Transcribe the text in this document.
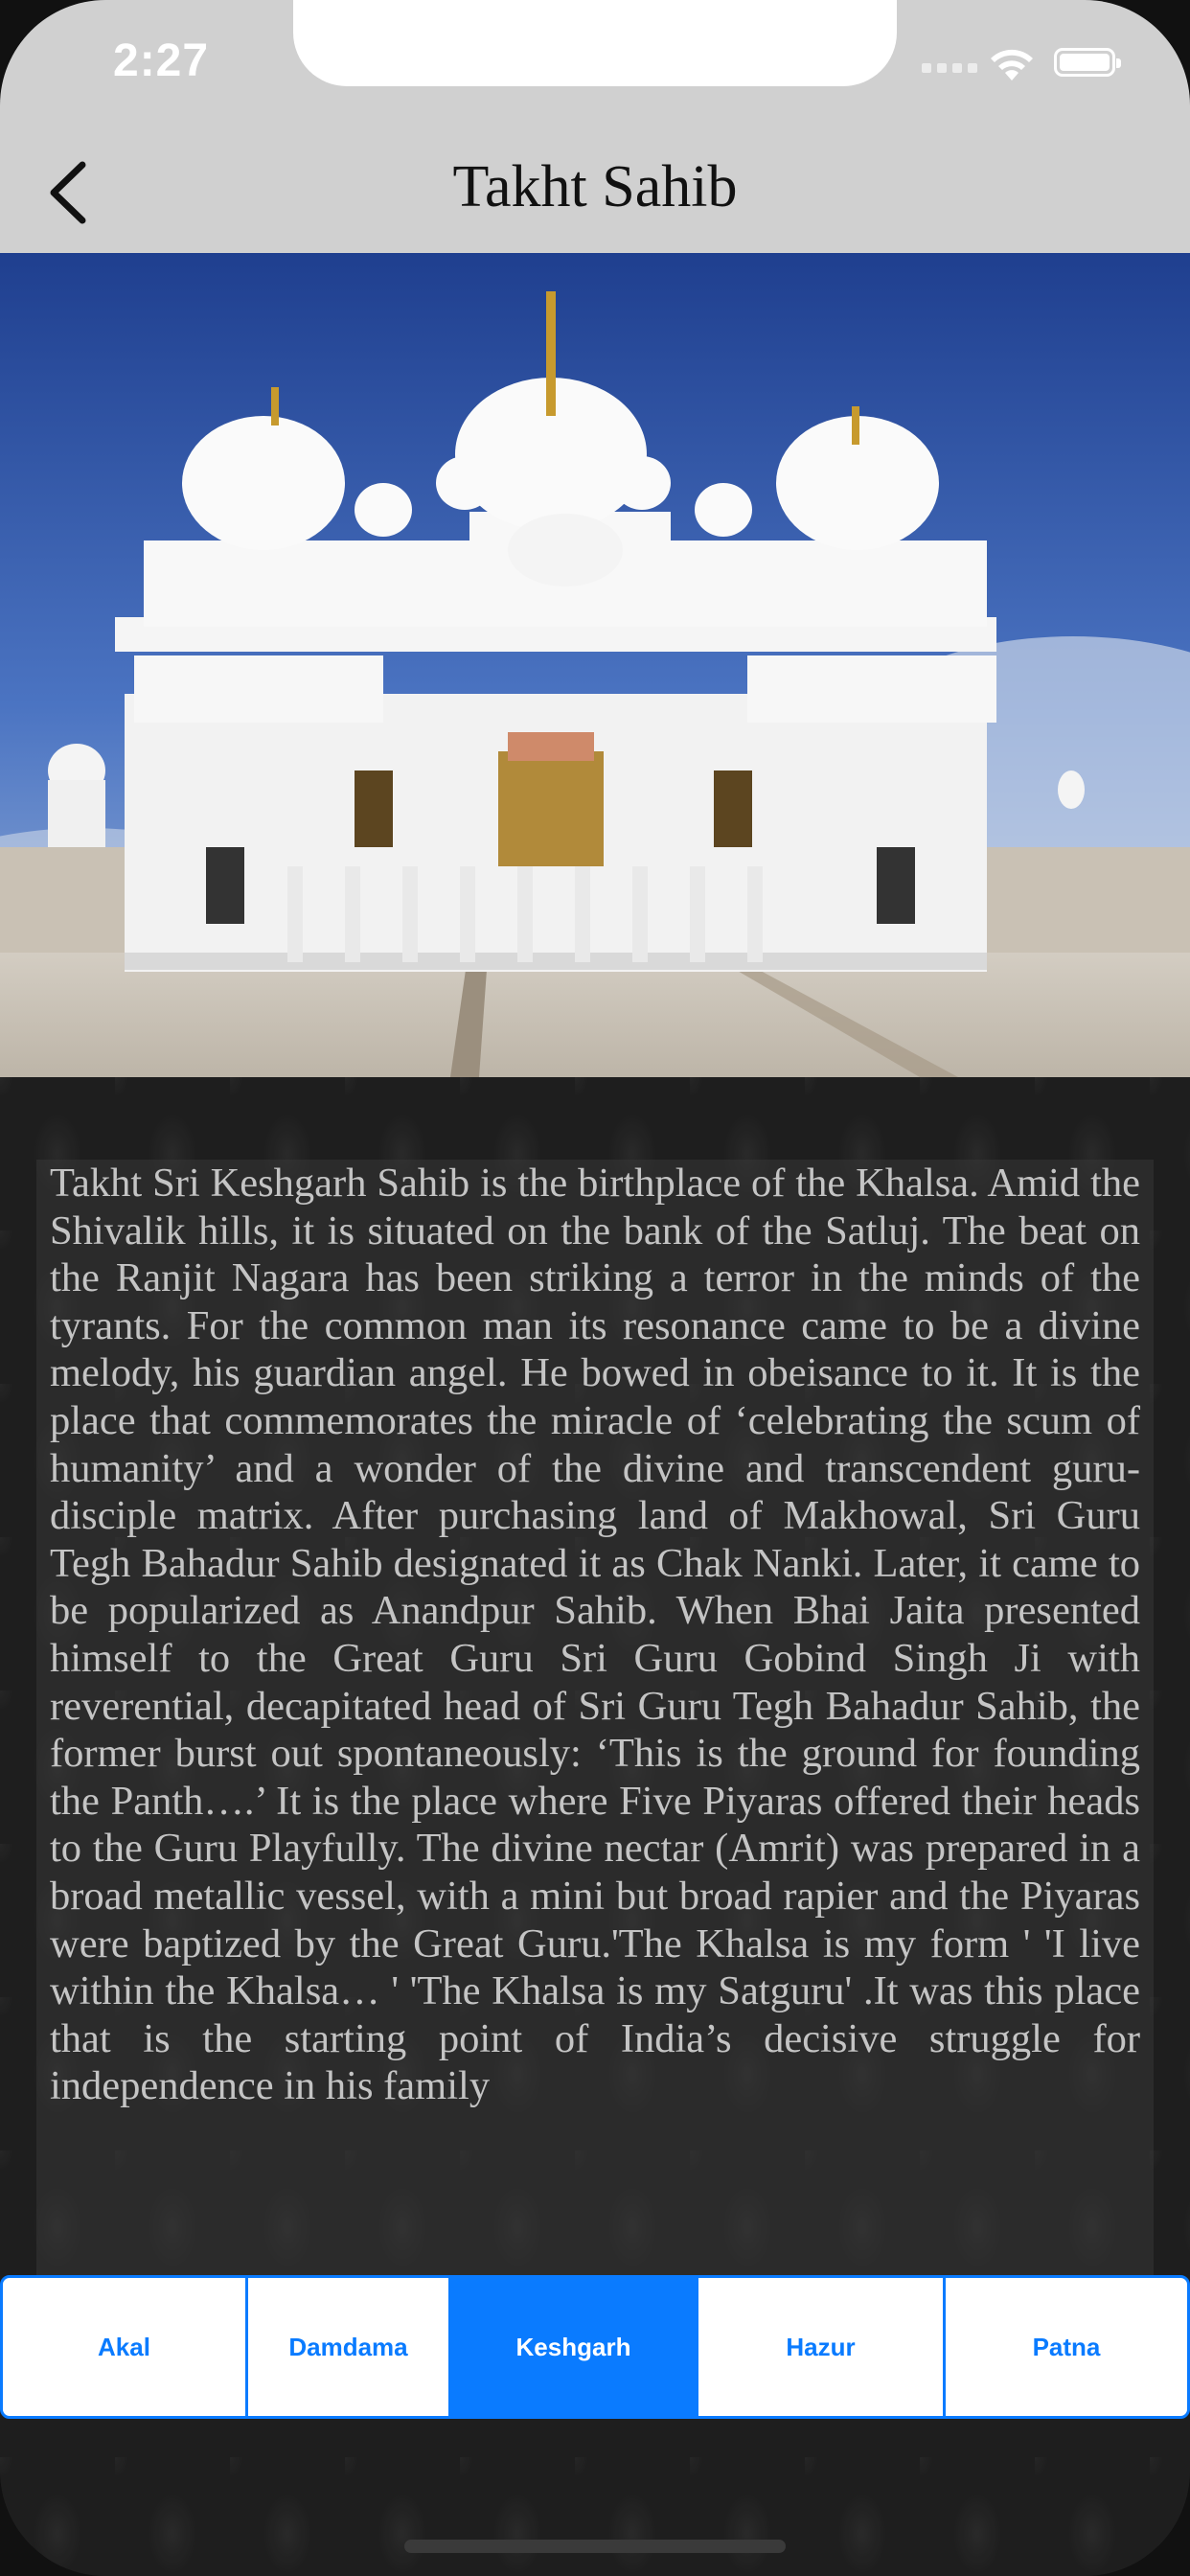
2:27
Takht Sahib

Takht Sri Keshgarh Sahib is the birthplace of the Khalsa. Amid the Shivalik hills, it is situated on the bank of the Satluj. The beat on the Ranjit Nagara has been striking a terror in the minds of the tyrants. For the common man its resonance came to be a divine melody, his guardian angel. He bowed in obeisance to it. It is the place that commemorates the miracle of ‘celebrating the scum of humanity’ and a wonder of the divine and transcendent guru-disciple matrix. After purchasing land of Makhowal, Sri Guru Tegh Bahadur Sahib designated it as Chak Nanki. Later, it came to be popularized as Anandpur Sahib. When Bhai Jaita presented himself to the Great Guru Sri Guru Gobind Singh Ji with reverential, decapitated head of Sri Guru Tegh Bahadur Sahib, the former burst out spontaneously: ‘This is the ground for founding the Panth….’ It is the place where Five Piyaras offered their heads to the Guru Playfully. The divine nectar (Amrit) was prepared in a broad metallic vessel, with a mini but broad rapier and the Piyaras were baptized by the Great Guru.'The Khalsa is my form ' 'I live within the Khalsa… ' 'The Khalsa is my Satguru' .It was this place that is the starting point of India’s decisive struggle for independence in his family

Akal	Damdama	Keshgarh	Hazur	Patna
